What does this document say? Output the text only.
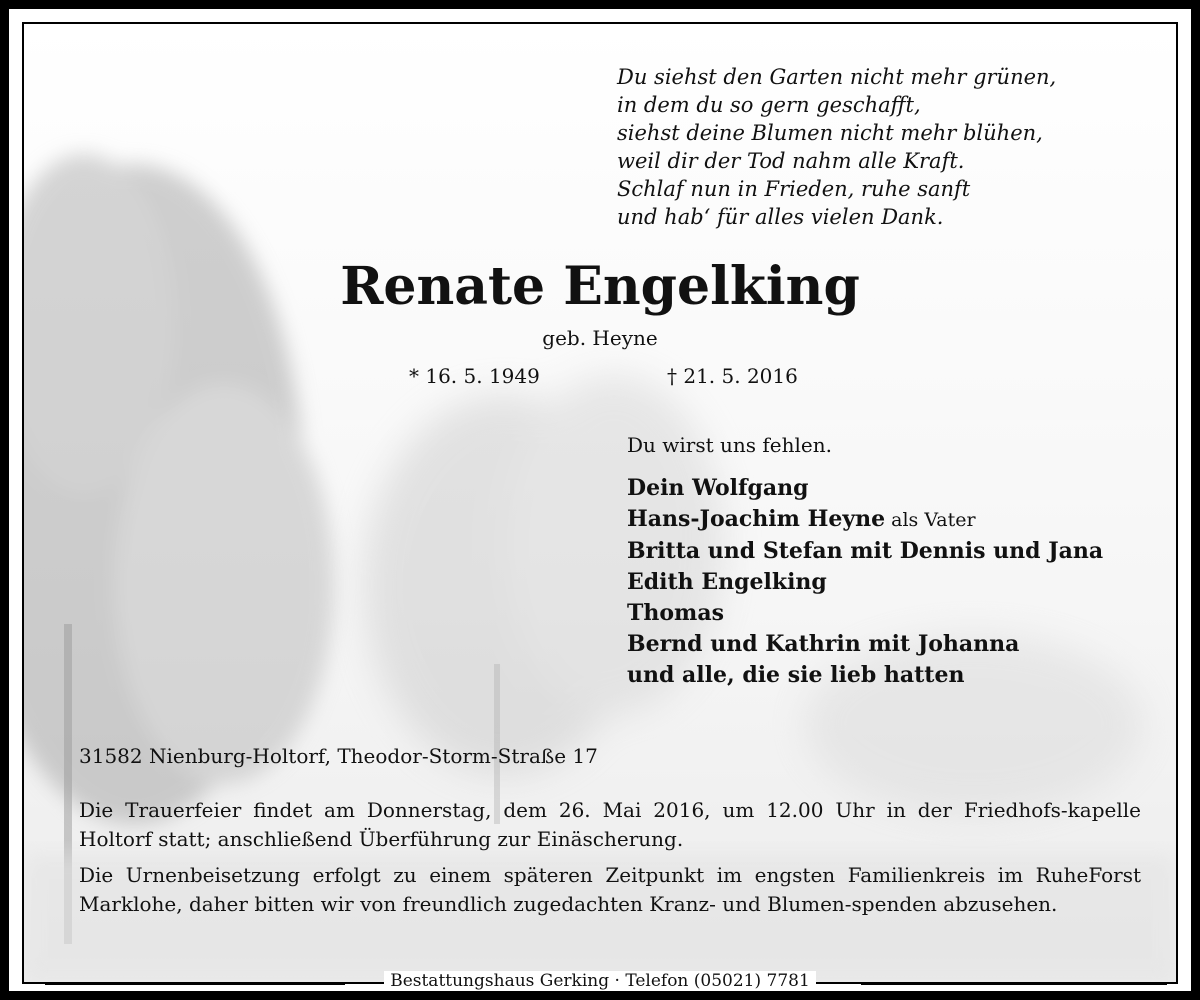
Du siehst den Garten nicht mehr grünen,
in dem du so gern geschafft,
siehst deine Blumen nicht mehr blühen,
weil dir der Tod nahm alle Kraft.
Schlaf nun in Frieden, ruhe sanft
und hab‘ für alles vielen Dank.
Renate Engelking
geb. Heyne
* 16. 5. 1949	† 21. 5. 2016
Du wirst uns fehlen.
Dein Wolfgang
Hans-Joachim Heyne als Vater
Britta und Stefan mit Dennis und Jana
Edith Engelking
Thomas
Bernd und Kathrin mit Johanna
und alle, die sie lieb hatten
31582 Nienburg-Holtorf, Theodor-Storm-Straße 17
Die Trauerfeier findet am Donnerstag, dem 26. Mai 2016, um 12.00 Uhr in der Friedhofs-kapelle Holtorf statt; anschließend Überführung zur Einäscherung.
Die Urnenbeisetzung erfolgt zu einem späteren Zeitpunkt im engsten Familienkreis im RuheForst Marklohe, daher bitten wir von freundlich zugedachten Kranz- und Blumen-spenden abzusehen.
Bestattungshaus Gerking · Telefon (05021) 7781
